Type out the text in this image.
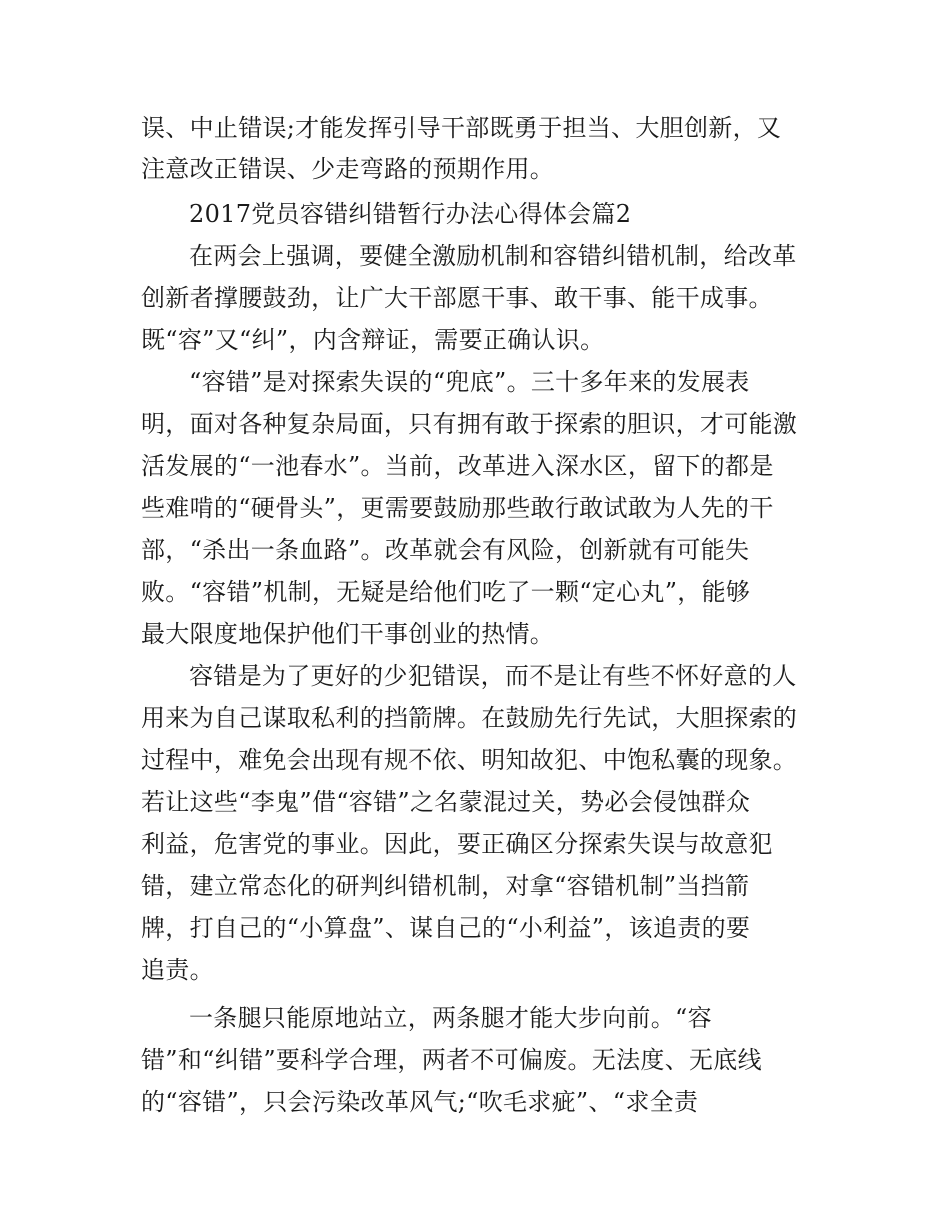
误、中止错误;才能发挥引导干部既勇于担当、大胆创新，又
注意改正错误、少走弯路的预期作用。
2017党员容错纠错暂行办法心得体会篇2
在两会上强调，要健全激励机制和容错纠错机制，给改革
创新者撑腰鼓劲，让广大干部愿干事、敢干事、能干成事。
既“容”又“纠”，内含辩证，需要正确认识。
“容错”是对探索失误的“兜底”。三十多年来的发展表
明，面对各种复杂局面，只有拥有敢于探索的胆识，才可能激
活发展的“一池春水”。当前，改革进入深水区，留下的都是
些难啃的“硬骨头”，更需要鼓励那些敢行敢试敢为人先的干
部，“杀出一条血路”。改革就会有风险，创新就有可能失
败。“容错”机制，无疑是给他们吃了一颗“定心丸”，能够
最大限度地保护他们干事创业的热情。
容错是为了更好的少犯错误，而不是让有些不怀好意的人
用来为自己谋取私利的挡箭牌。在鼓励先行先试，大胆探索的
过程中，难免会出现有规不依、明知故犯、中饱私囊的现象。
若让这些“李鬼”借“容错”之名蒙混过关，势必会侵蚀群众
利益，危害党的事业。因此，要正确区分探索失误与故意犯
错，建立常态化的研判纠错机制，对拿“容错机制”当挡箭
牌，打自己的“小算盘”、谋自己的“小利益”，该追责的要
追责。
一条腿只能原地站立，两条腿才能大步向前。“容
错”和“纠错”要科学合理，两者不可偏废。无法度、无底线
的“容错”，只会污染改革风气;“吹毛求疵”、“求全责
